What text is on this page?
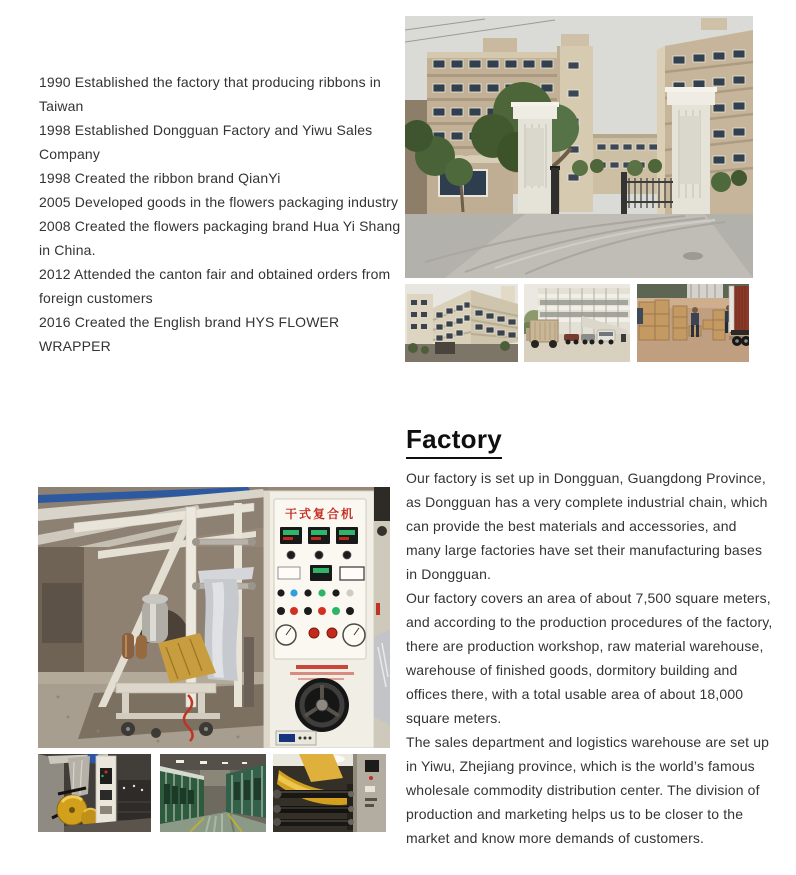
1990 Established the factory that producing ribbons in Taiwan
1998 Established Dongguan Factory and Yiwu Sales Company
1998 Created the ribbon brand QianYi
2005 Developed goods in the flowers packaging industry
2008 Created the flowers packaging brand Hua Yi Shang in China.
2012 Attended the canton fair and obtained orders from foreign customers
2016 Created the English brand HYS FLOWER WRAPPER
Factory

Our factory is set up in Dongguan, Guangdong Province, as Dongguan has a very complete industrial chain, which can provide the best materials and accessories, and many large factories have set their manufacturing bases in Dongguan.

Our factory covers an area of about 7,500 square meters, and according to the production procedures of the factory, there are production workshop, raw material warehouse, warehouse of finished goods, dormitory building and offices there, with a total usable area of about 18,000 square meters.

The sales department and logistics warehouse are set up in Yiwu, Zhejiang province, which is the world’s famous wholesale commodity distribution center. The division of production and marketing helps us to be closer to the market and know more demands of customers.

干式复合机
